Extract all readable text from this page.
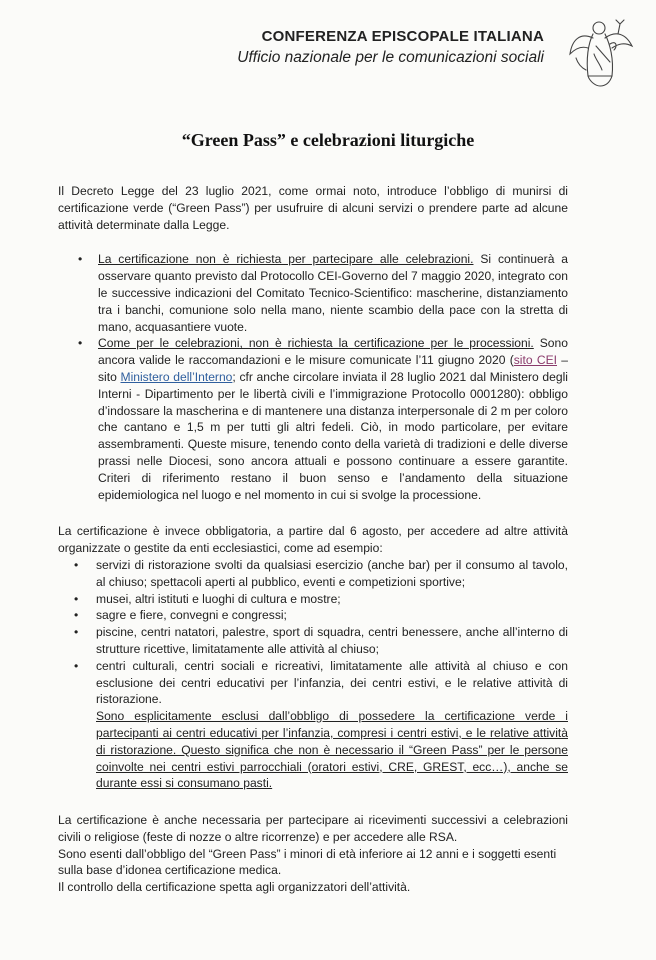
CONFERENZA EPISCOPALE ITALIANA
Ufficio nazionale per le comunicazioni sociali
“Green Pass” e celebrazioni liturgiche

Il Decreto Legge del 23 luglio 2021, come ormai noto, introduce l’obbligo di munirsi di certificazione verde (“Green Pass”) per usufruire di alcuni servizi o prendere parte ad alcune attività determinate dalla Legge.

• La certificazione non è richiesta per partecipare alle celebrazioni. Si continuerà a osservare quanto previsto dal Protocollo CEI-Governo del 7 maggio 2020, integrato con le successive indicazioni del Comitato Tecnico-Scientifico: mascherine, distanziamento tra i banchi, comunione solo nella mano, niente scambio della pace con la stretta di mano, acquasantiere vuote.
• Come per le celebrazioni, non è richiesta la certificazione per le processioni. Sono ancora valide le raccomandazioni e le misure comunicate l’11 giugno 2020 (sito CEI – sito Ministero dell’Interno; cfr anche circolare inviata il 28 luglio 2021 dal Ministero degli Interni - Dipartimento per le libertà civili e l’immigrazione Protocollo 0001280): obbligo d’indossare la mascherina e di mantenere una distanza interpersonale di 2 m per coloro che cantano e 1,5 m per tutti gli altri fedeli. Ciò, in modo particolare, per evitare assembramenti. Queste misure, tenendo conto della varietà di tradizioni e delle diverse prassi nelle Diocesi, sono ancora attuali e possono continuare a essere garantite. Criteri di riferimento restano il buon senso e l’andamento della situazione epidemiologica nel luogo e nel momento in cui si svolge la processione.

La certificazione è invece obbligatoria, a partire dal 6 agosto, per accedere ad altre attività organizzate o gestite da enti ecclesiastici, come ad esempio:

• servizi di ristorazione svolti da qualsiasi esercizio (anche bar) per il consumo al tavolo, al chiuso; spettacoli aperti al pubblico, eventi e competizioni sportive;
• musei, altri istituti e luoghi di cultura e mostre;
• sagre e fiere, convegni e congressi;
• piscine, centri natatori, palestre, sport di squadra, centri benessere, anche all’interno di strutture ricettive, limitatamente alle attività al chiuso;
• centri culturali, centri sociali e ricreativi, limitatamente alle attività al chiuso e con esclusione dei centri educativi per l’infanzia, dei centri estivi, e le relative attività di ristorazione.
Sono esplicitamente esclusi dall’obbligo di possedere la certificazione verde i partecipanti ai centri educativi per l’infanzia, compresi i centri estivi, e le relative attività di ristorazione. Questo significa che non è necessario il “Green Pass” per le persone coinvolte nei centri estivi parrocchiali (oratori estivi, CRE, GREST, ecc…), anche se durante essi si consumano pasti.

La certificazione è anche necessaria per partecipare ai ricevimenti successivi a celebrazioni civili o religiose (feste di nozze o altre ricorrenze) e per accedere alle RSA.

Sono esenti dall’obbligo del “Green Pass” i minori di età inferiore ai 12 anni e i soggetti esenti sulla base d’idonea certificazione medica.

Il controllo della certificazione spetta agli organizzatori dell’attività.
